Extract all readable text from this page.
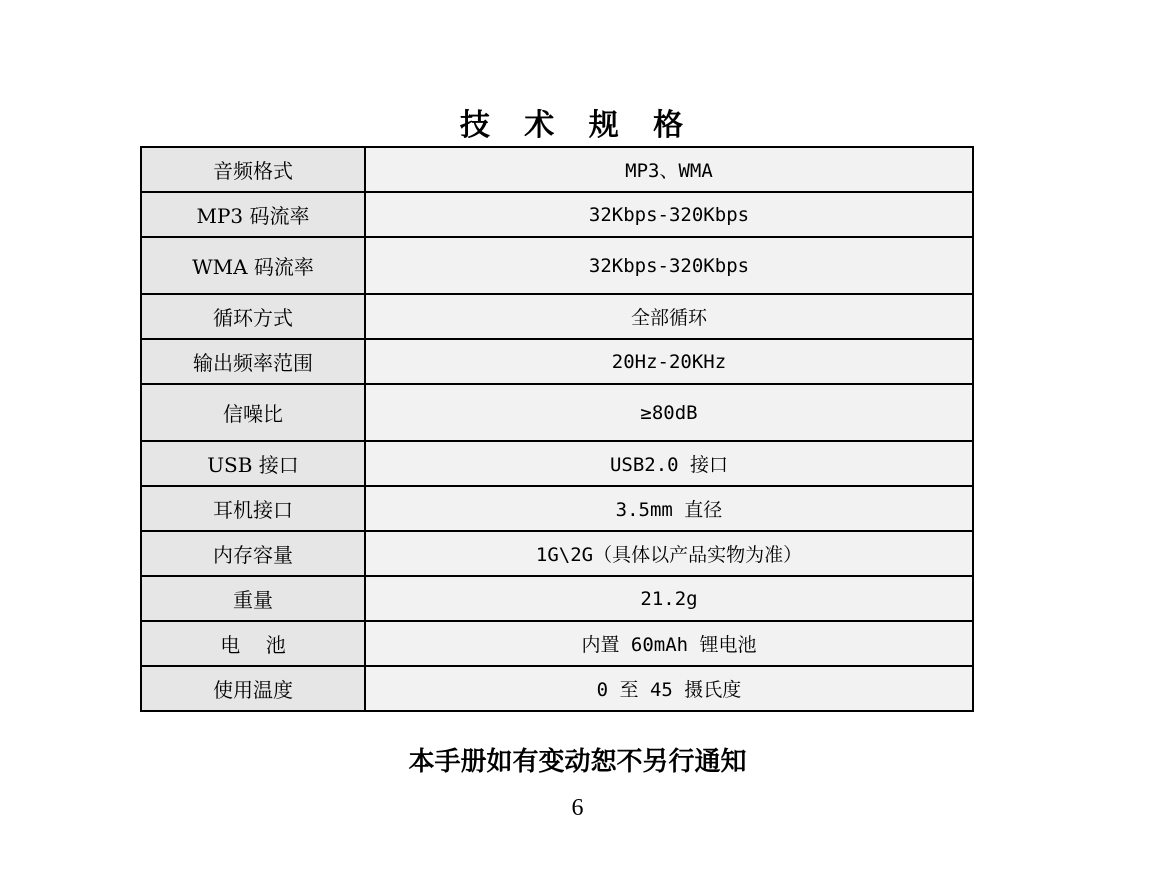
技 术 规 格
音频格式	MP3、WMA
MP3 码流率	32Kbps-320Kbps
WMA 码流率	32Kbps-320Kbps
循环方式	全部循环
输出频率范围	20Hz-20KHz
信噪比	≥80dB
USB 接口	USB2.0 接口
耳机接口	3.5mm 直径
内存容量	1G\2G（具体以产品实物为准）
重量	21.2g
电    池	内置 60mAh 锂电池
使用温度	0 至 45 摄氏度
本手册如有变动恕不另行通知
6
